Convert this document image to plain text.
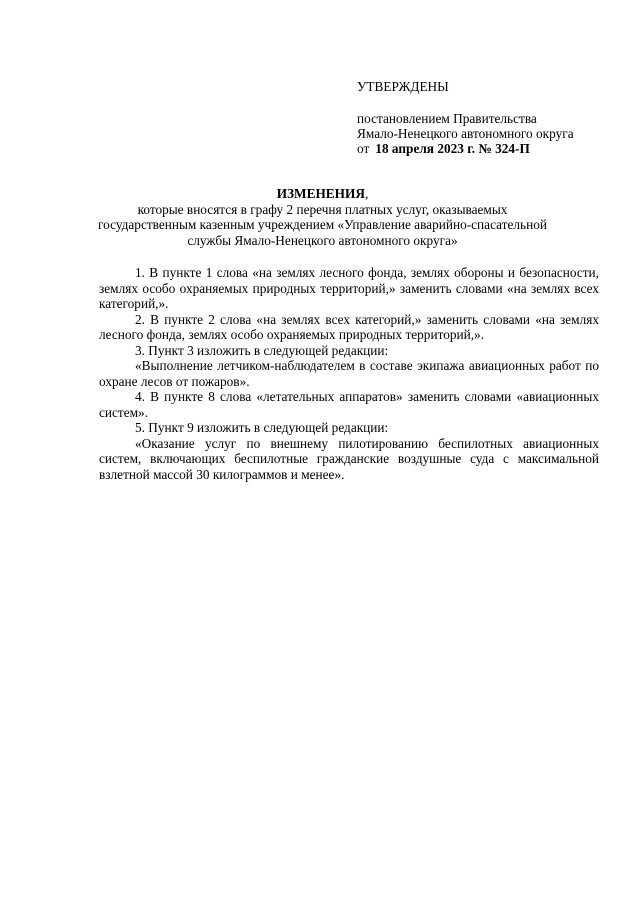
УТВЕРЖДЕНЫ
постановлением Правительства
Ямало-Ненецкого автономного округа
от 18 апреля 2023 г. № 324-П
ИЗМЕНЕНИЯ,
которые вносятся в графу 2 перечня платных услуг, оказываемых государственным казенным учреждением «Управление аварийно-спасательной службы Ямало-Ненецкого автономного округа»

1. В пункте 1 слова «на землях лесного фонда, землях обороны и безопасности, землях особо охраняемых природных территорий,» заменить словами «на землях всех категорий,».

2. В пункте 2 слова «на землях всех категорий,» заменить словами «на землях лесного фонда, землях особо охраняемых природных территорий,».

3. Пункт 3 изложить в следующей редакции:

«Выполнение летчиком-наблюдателем в составе экипажа авиационных работ по охране лесов от пожаров».

4. В пункте 8 слова «летательных аппаратов» заменить словами «авиационных систем».

5. Пункт 9 изложить в следующей редакции:

«Оказание услуг по внешнему пилотированию беспилотных авиационных систем, включающих беспилотные гражданские воздушные суда с максимальной взлетной массой 30 килограммов и менее».
